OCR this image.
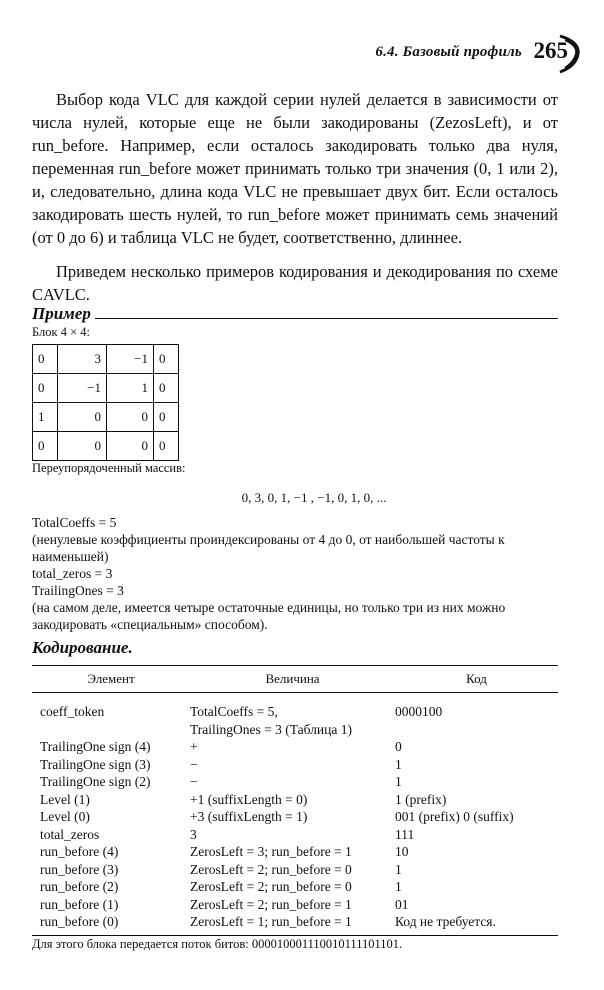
6.4. Базовый профиль 265

Выбор кода VLC для каждой серии нулей делается в зависимости от числа нулей, которые еще не были закодированы (ZezosLeft), и от run_before. Например, если осталось закодировать только два нуля, переменная run_before может принимать только три значения (0, 1 или 2), и, следовательно, длина кода VLC не превышает двух бит. Если осталось закодировать шесть нулей, то run_before может принимать семь значений (от 0 до 6) и таблица VLC не будет, соответственно, длиннее.

Приведем несколько примеров кодирования и декодирования по схеме CAVLC.

Пример
Блок 4 × 4:
0	3	−1	0
0	−1	1	0
1	0	0	0
0	0	0	0
Переупорядоченный массив:
0, 3, 0, 1, −1 , −1, 0, 1, 0, ...
TotalCoeffs = 5
(ненулевые коэффициенты проиндексированы от 4 до 0, от наибольшей частоты к наименьшей)
total_zeros = 3
TrailingOnes = 3
(на самом деле, имеется четыре остаточные единицы, но только три из них можно закодировать «специальным» способом).
Кодирование.
Элемент	Величина	Код
coeff_token	TotalCoeffs = 5,	0000100
	TrailingOnes = 3 (Таблица 1)	
TrailingOne sign (4)	+	0
TrailingOne sign (3)	−	1
TrailingOne sign (2)	−	1
Level (1)	+1 (suffixLength = 0)	1 (prefix)
Level (0)	+3 (suffixLength = 1)	001 (prefix) 0 (suffix)
total_zeros	3	111
run_before (4)	ZerosLeft = 3; run_before = 1	10
run_before (3)	ZerosLeft = 2; run_before = 0	1
run_before (2)	ZerosLeft = 2; run_before = 0	1
run_before (1)	ZerosLeft = 2; run_before = 1	01
run_before (0)	ZerosLeft = 1; run_before = 1	Код не требуется.
Для этого блока передается поток битов: 000010001110010111101101.
